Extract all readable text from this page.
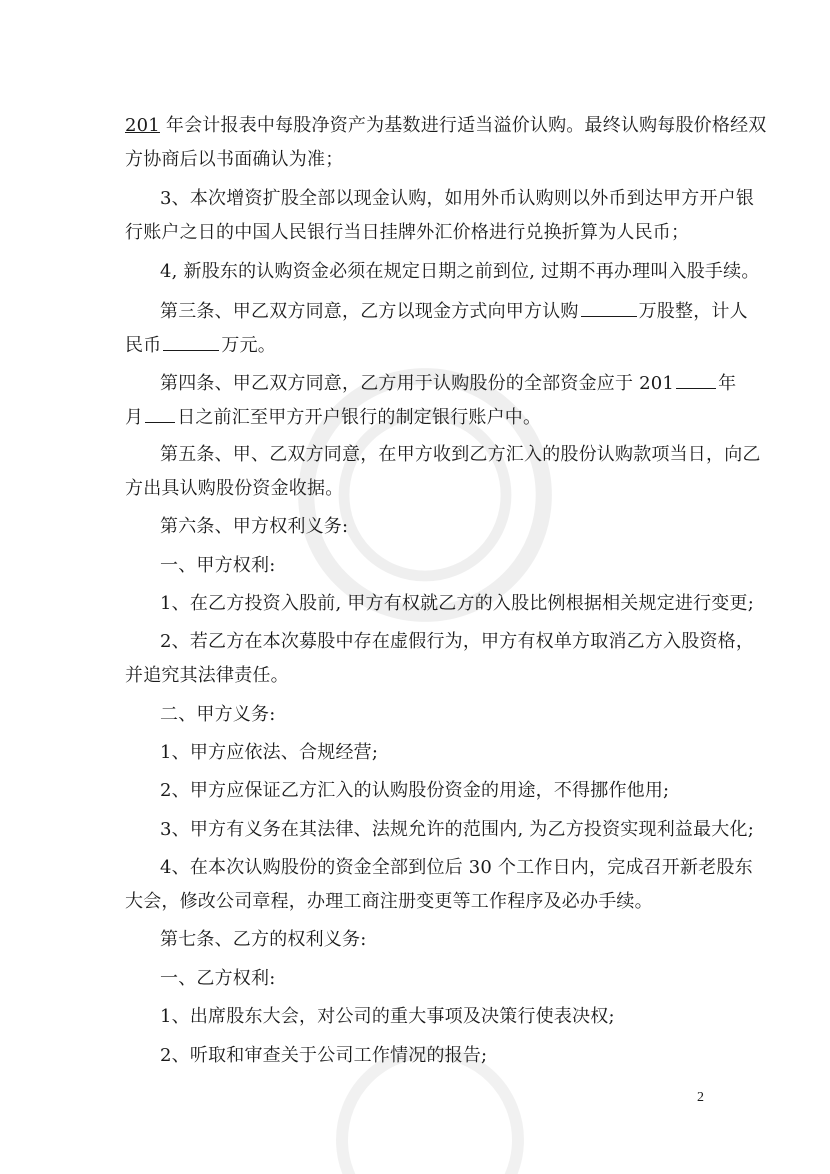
201 年会计报表中每股净资产为基数进行适当溢价认购。最终认购每股价格经双
方协商后以书面确认为准；
3、本次增资扩股全部以现金认购，如用外币认购则以外币到达甲方开户银
行账户之日的中国人民银行当日挂牌外汇价格进行兑换折算为人民币；
4, 新股东的认购资金必须在规定日期之前到位, 过期不再办理叫入股手续。
第三条、甲乙双方同意，乙方以现金方式向甲方认购	万股整，计人
民币	万元。
第四条、甲乙双方同意，乙方用于认购股份的全部资金应于 201 年
月 日之前汇至甲方开户银行的制定银行账户中。
第五条、甲、乙双方同意，在甲方收到乙方汇入的股份认购款项当日，向乙
方出具认购股份资金收据。
第六条、甲方权利义务:
一、甲方权利:
1、在乙方投资入股前, 甲方有权就乙方的入股比例根据相关规定进行变更;
2、若乙方在本次募股中存在虚假行为，甲方有权单方取消乙方入股资格，
并追究其法律责任。
二、甲方义务:
1、甲方应依法、合规经营;
2、甲方应保证乙方汇入的认购股份资金的用途，不得挪作他用;
3、甲方有义务在其法律、法规允许的范围内, 为乙方投资实现利益最大化;
4、在本次认购股份的资金全部到位后 30 个工作日内，完成召开新老股东
大会，修改公司章程，办理工商注册变更等工作程序及必办手续。
第七条、乙方的权利义务:
一、乙方权利:
1、出席股东大会，对公司的重大事项及决策行使表决权;
2、听取和审查关于公司工作情况的报告;
2
